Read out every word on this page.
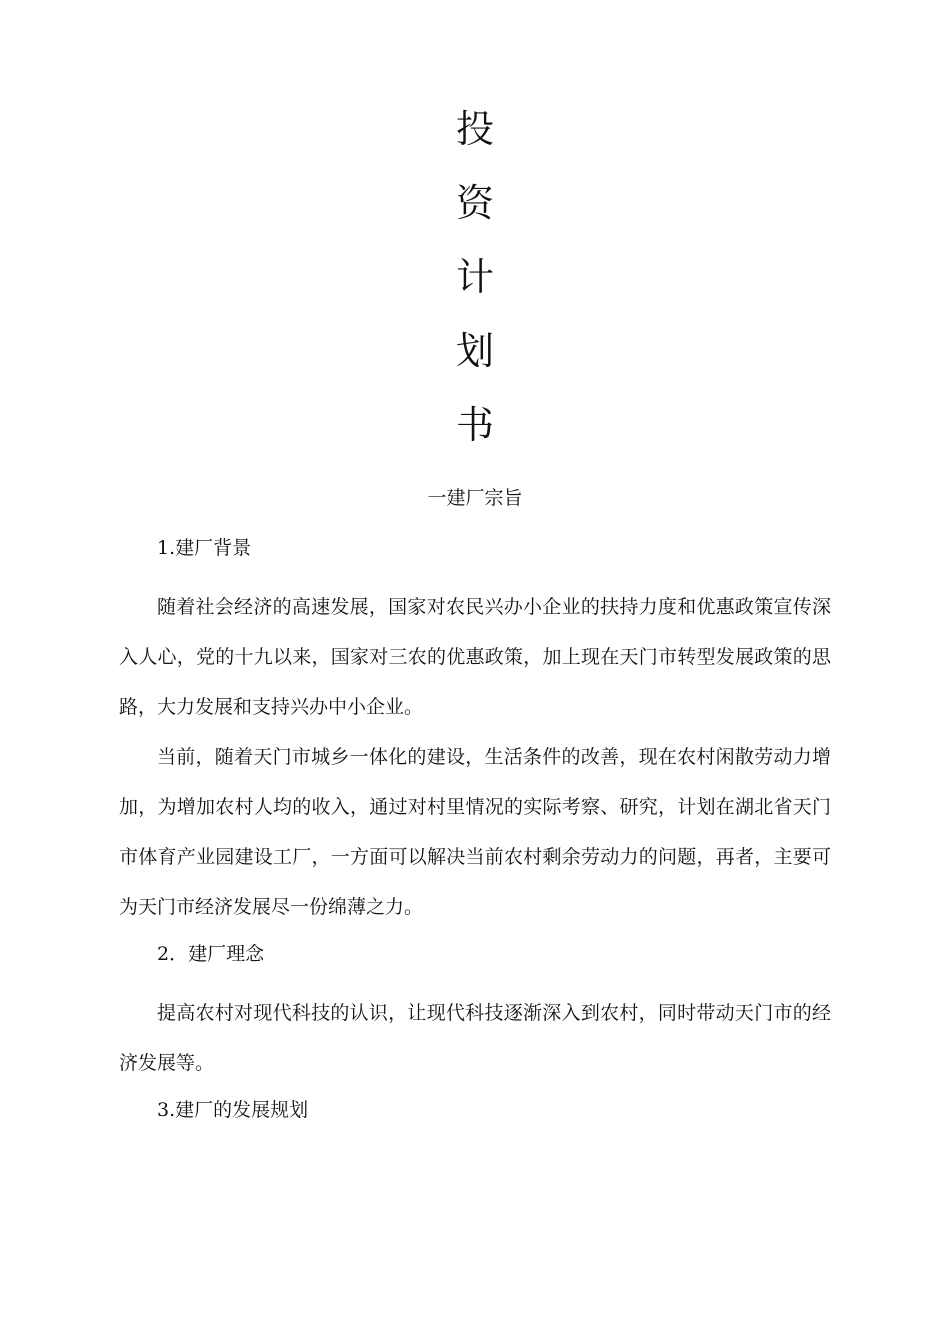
投
资
计
划
书
一建厂宗旨

1.建厂背景

随着社会经济的高速发展，国家对农民兴办小企业的扶持力度和优惠政策宣传深入人心，党的十九以来，国家对三农的优惠政策，加上现在天门市转型发展政策的思路，大力发展和支持兴办中小企业。

当前，随着天门市城乡一体化的建设，生活条件的改善，现在农村闲散劳动力增加，为增加农村人均的收入，通过对村里情况的实际考察、研究，计划在湖北省天门市体育产业园建设工厂，一方面可以解决当前农村剩余劳动力的问题，再者，主要可为天门市经济发展尽一份绵薄之力。

2．建厂理念

提高农村对现代科技的认识，让现代科技逐渐深入到农村，同时带动天门市的经济发展等。

3.建厂的发展规划
